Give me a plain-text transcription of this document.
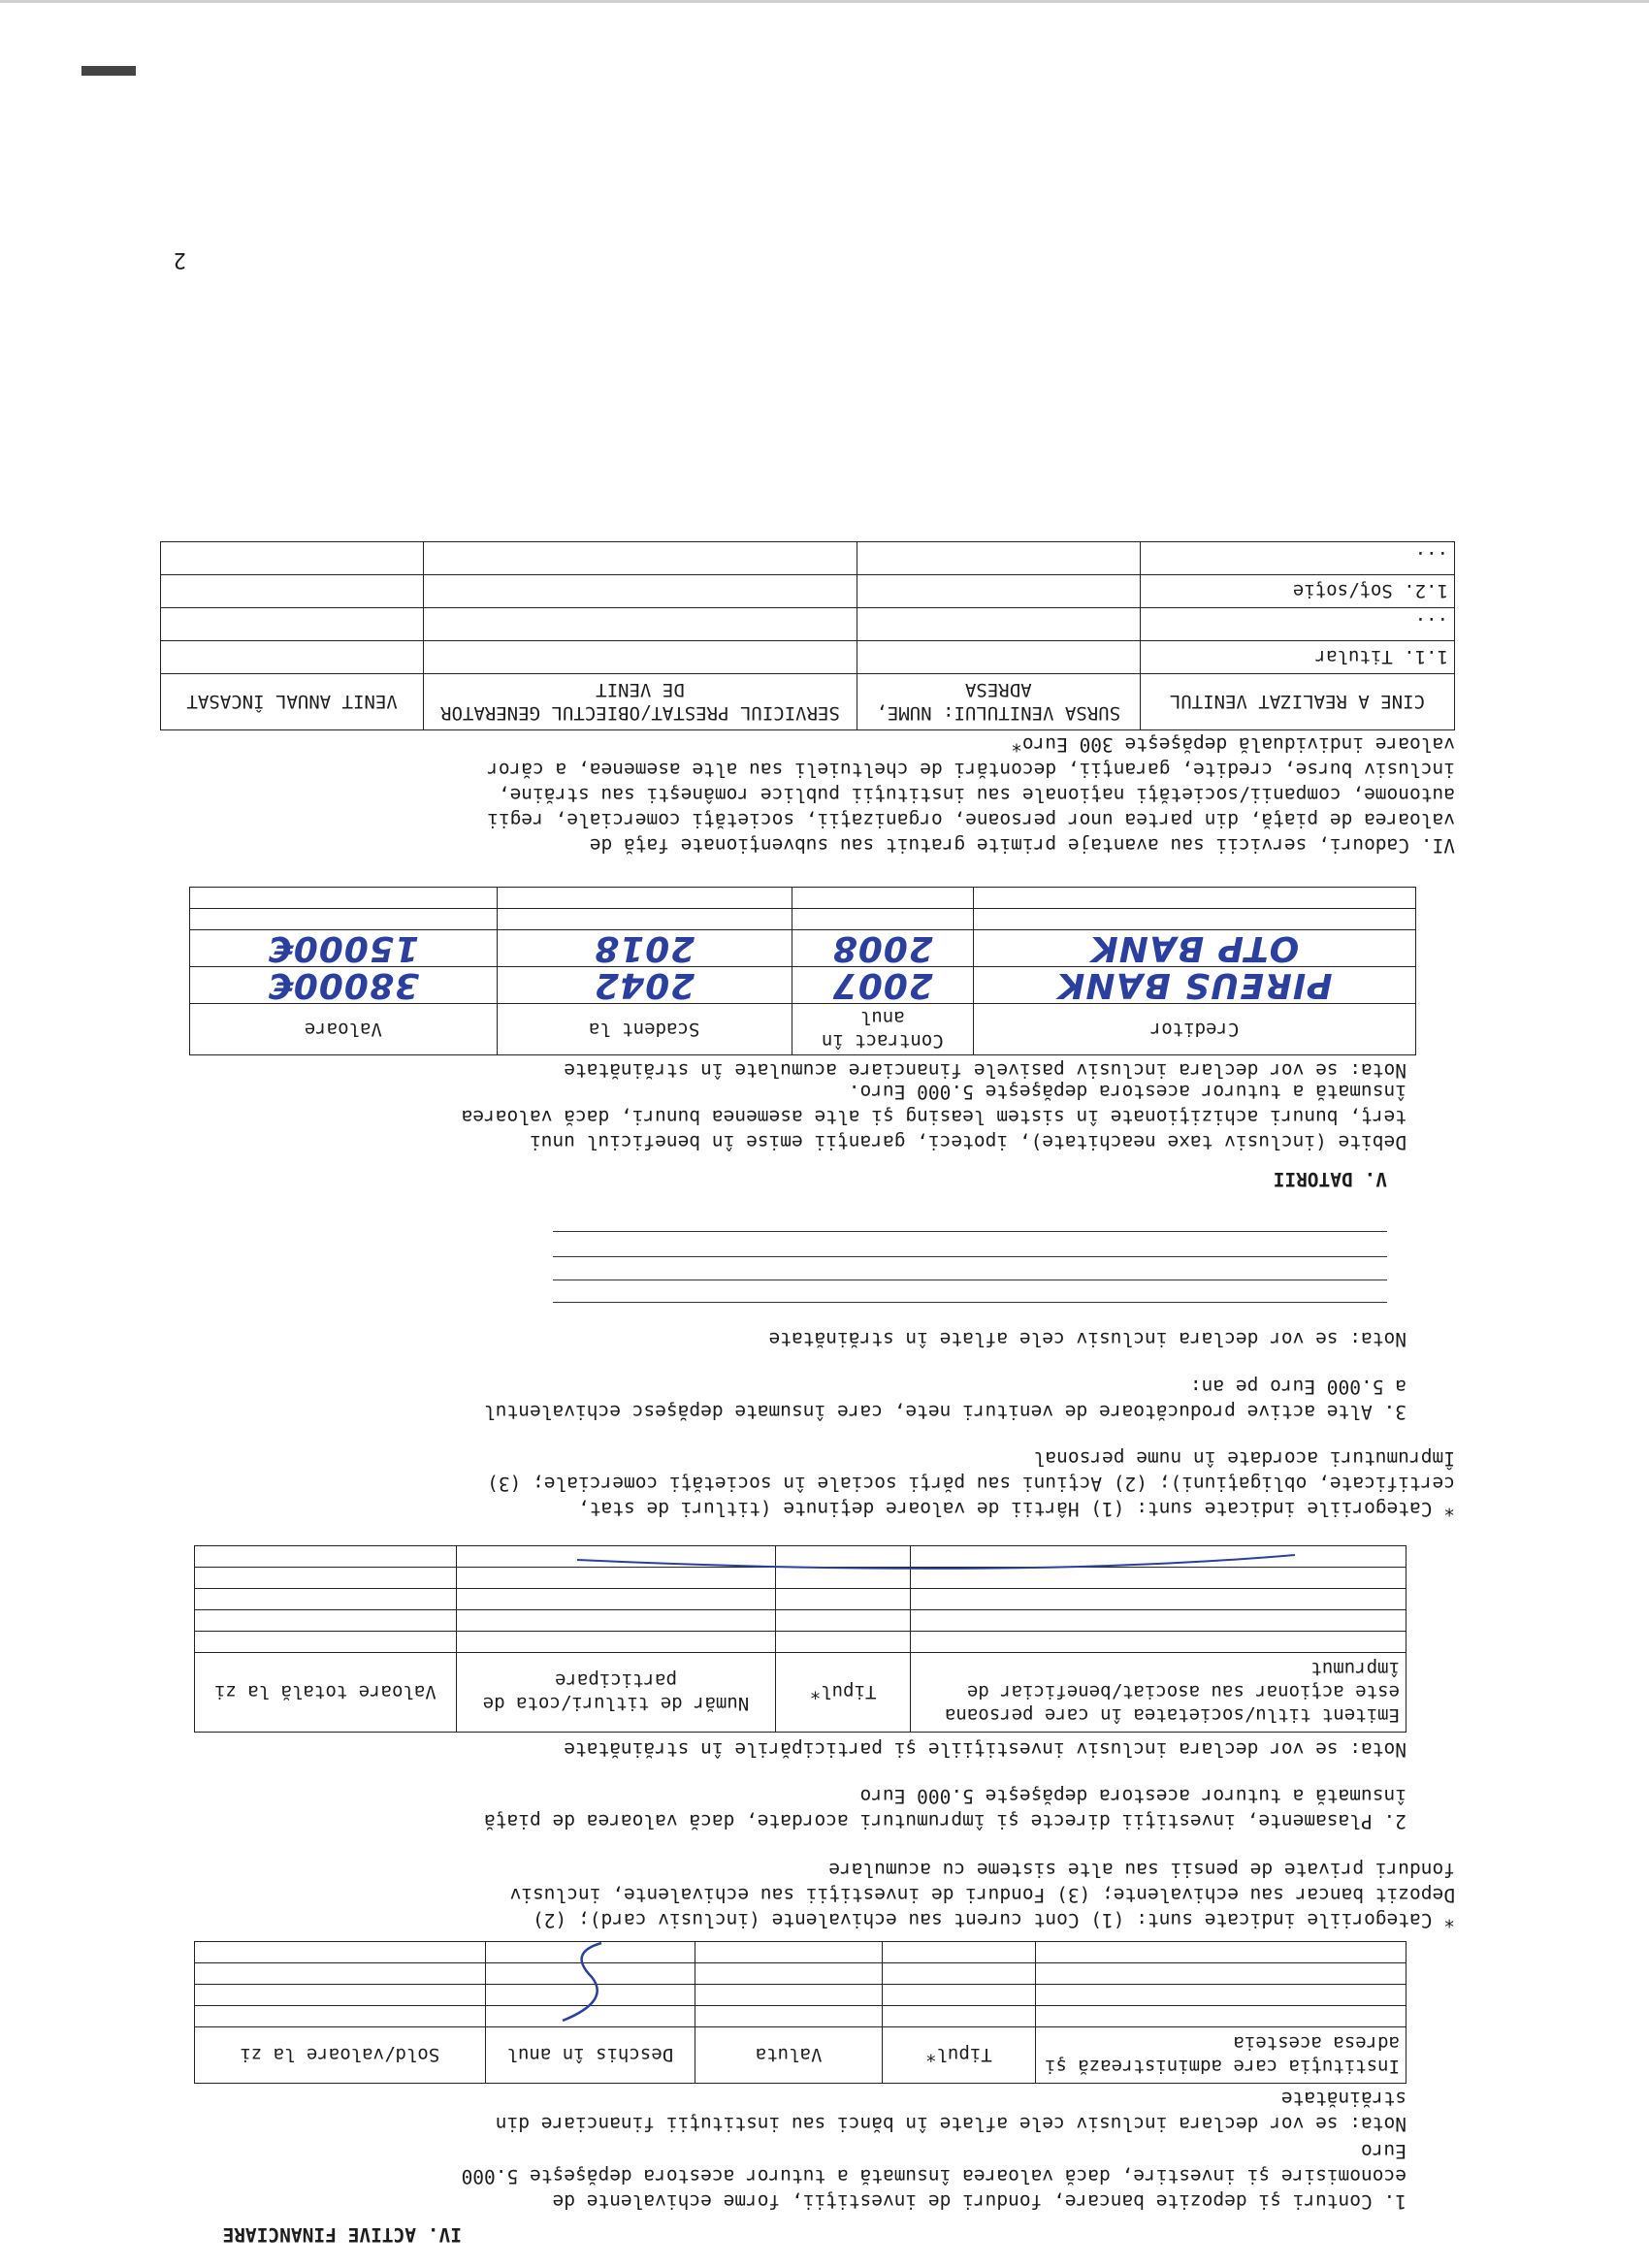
IV. ACTIVE FINANCIARE

1. Conturi şi depozite bancare, fonduri de investiţii, forme echivalente de

economisire şi investire, dacă valoarea însumată a tuturor acestora depăşeşte 5.000

Euro

Nota: se vor declara inclusiv cele aflate în bănci sau instituţii financiare din

străinătate

Instituţia care administrează şi adresa acesteia	Tipul*	Valuta	Deschis în anul	Sold/valoare la zi

* Categoriile indicate sunt: (1) Cont curent sau echivalente (inclusiv card); (2)

Depozit bancar sau echivalente; (3) Fonduri de investiţii sau echivalente, inclusiv

fonduri private de pensii sau alte sisteme cu acumulare

2. Plasamente, investiţii directe şi împrumuturi acordate, dacă valoarea de piaţă

însumată a tuturor acestora depăşeşte 5.000 Euro

Nota: se vor declara inclusiv investiţiile şi participările în străinătate
Emitent titlu/societatea în care persoana este acţionar sau asociat/beneficiar de împrumut	Tipul*	Număr de titluri/cota de participare	Valoare totală la zi

* Categoriile indicate sunt: (1) Hârtii de valoare deţinute (titluri de stat,

certificate, obligaţiuni); (2) Acţiuni sau părţi sociale în societăţi comerciale; (3)

Împrumuturi acordate în nume personal

3. Alte active producătoare de venituri nete, care însumate depăşesc echivalentul

a 5.000 Euro pe an:

Nota: se vor declara inclusiv cele aflate în străinătate
V. DATORII

Debite (inclusiv taxe neachitate), ipoteci, garanţii emise în beneficiul unui

terţ, bunuri achiziţionate în sistem leasing şi alte asemenea bunuri, dacă valoarea

însumată a tuturor acestora depăşeşte 5.000 Euro.

Nota: se vor declara inclusiv pasivele financiare acumulate în străinătate
Creditor	Contract în anul	Scadent la	Valoare
PIREUS BANK	2007	2042	38000€
OTP BANK	2008	2018	15000€

VI. Cadouri, servicii sau avantaje primite gratuit sau subvenţionate faţă de

valoarea de piaţă, din partea unor persoane, organizaţii, societăţi comerciale, regii

autonome, companii/societăţi naţionale sau instituţii publice româneşti sau străine,

inclusiv burse, credite, garanţii, decontări de cheltuieli sau alte asemenea, a căror

valoare individuală depăşeşte 300 Euro*

CINE A REALIZAT VENITUL	SURSA VENITULUI: NUME, ADRESA	SERVICIUL PRESTAT/OBIECTUL GENERATOR DE VENIT	VENIT ANUAL ÎNCASAT
1.1. Titular			
...			
1.2. Soţ/soţie			
...			
2
